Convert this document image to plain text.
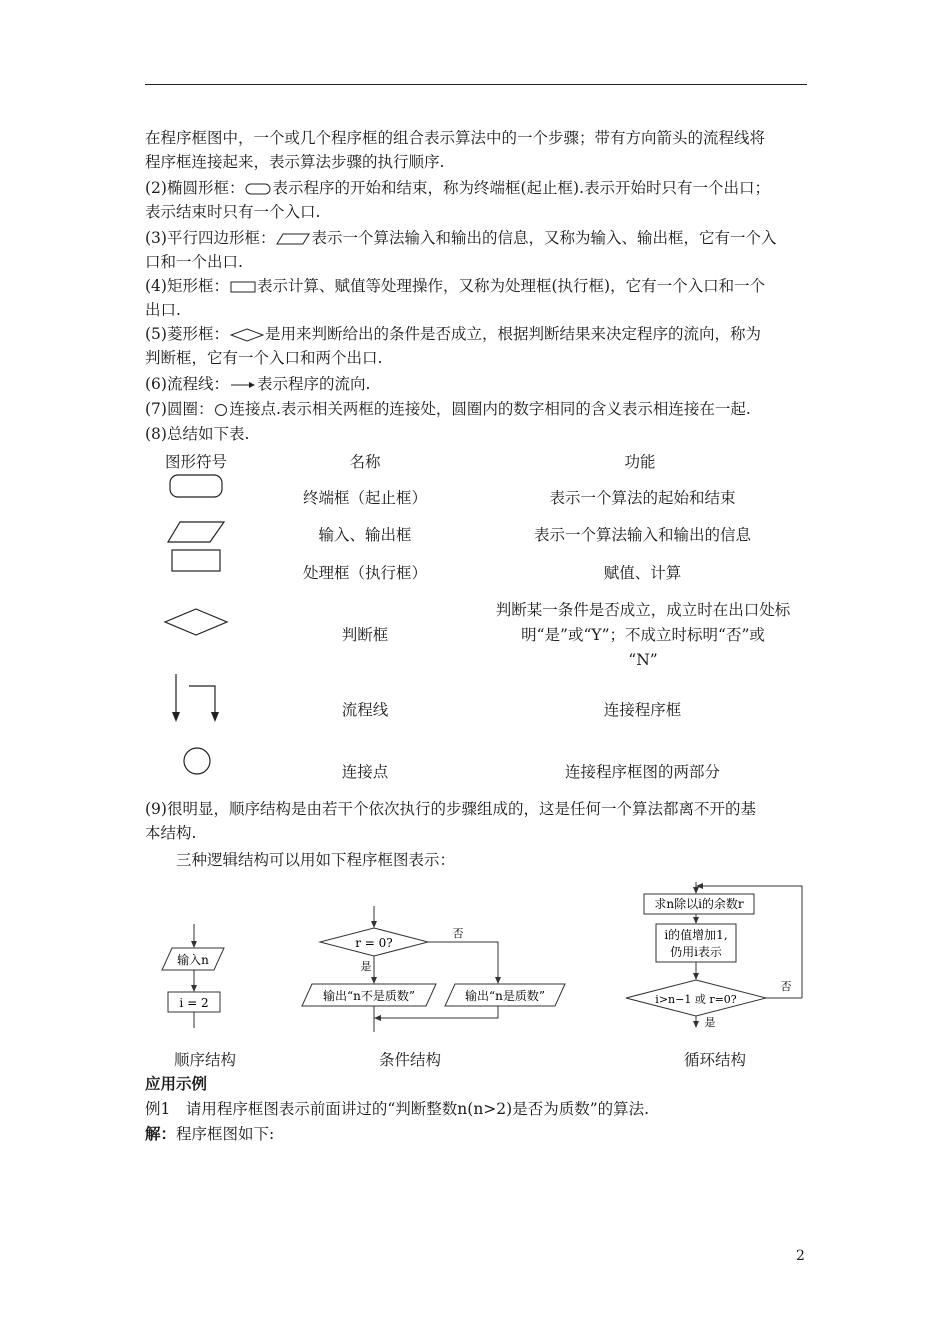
在程序框图中，一个或几个程序框的组合表示算法中的一个步骤；带有方向箭头的流程线将
程序框连接起来，表示算法步骤的执行顺序.
(2)椭圆形框： 表示程序的开始和结束，称为终端框(起止框).表示开始时只有一个出口；
表示结束时只有一个入口.
(3)平行四边形框： 表示一个算法输入和输出的信息，又称为输入、输出框，它有一个入
口和一个出口.
(4)矩形框： 表示计算、赋值等处理操作，又称为处理框(执行框)，它有一个入口和一个
出口.
(5)菱形框： 是用来判断给出的条件是否成立，根据判断结果来决定程序的流向，称为
判断框，它有一个入口和两个出口.
(6)流程线： 表示程序的流向.
(7)圆圈： 连接点.表示相关两框的连接处，圆圈内的数字相同的含义表示相连接在一起.
(8)总结如下表.
图形符号	名称	功能
终端框（起止框）	表示一个算法的起始和结束
输入、输出框	表示一个算法输入和输出的信息
处理框（执行框）	赋值、计算
判断框
判断某一条件是否成立，成立时在出口处标
明“是”或“Y”；不成立时标明“否”或
“N”
流程线	连接程序框
连接点	连接程序框图的两部分
(9)很明显，顺序结构是由若干个依次执行的步骤组成的，这是任何一个算法都离不开的基
本结构.
三种逻辑结构可以用如下程序框图表示：
输入n
i = 2
顺序结构
r = 0?
否
是
输出“n不是质数”	输出“n是质数”
条件结构
求n除以i的余数r
i的值增加1,
仍用i表示
i>n−1 或 r=0?
否
是
循环结构
应用示例
例1　请用程序框图表示前面讲过的“判断整数n(n>2)是否为质数”的算法.
解：程序框图如下:
2
